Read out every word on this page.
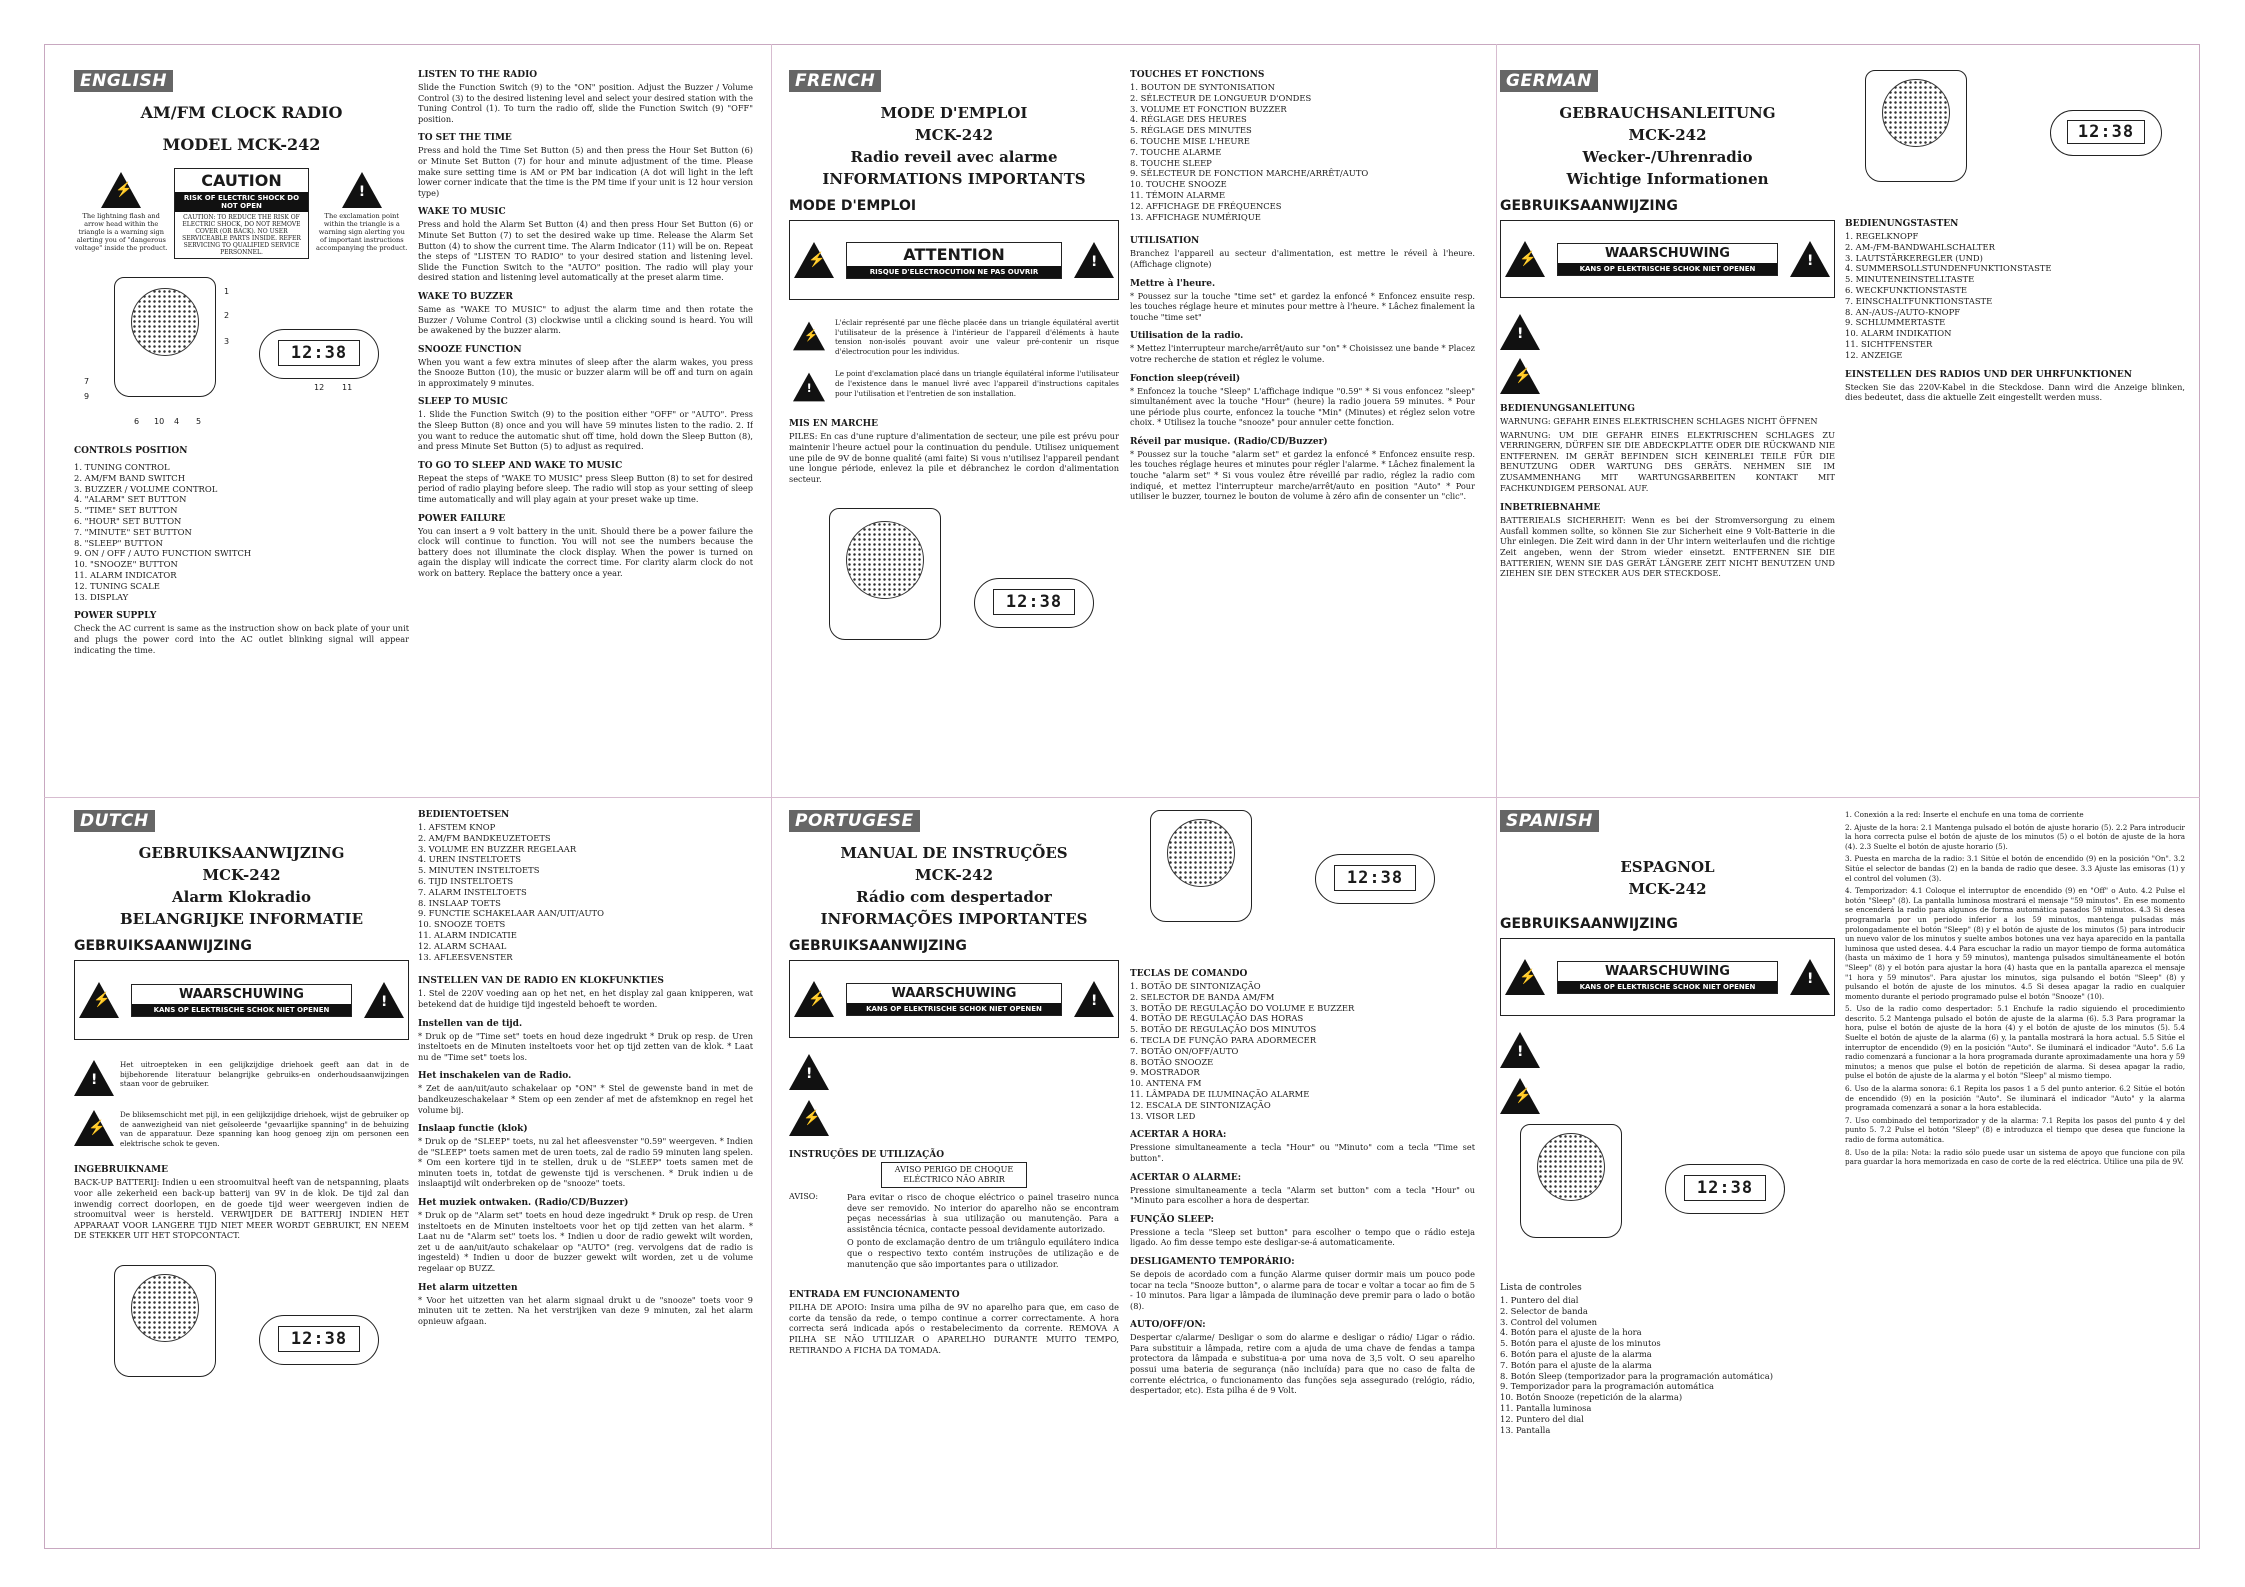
ENGLISH
AM/FM CLOCK RADIO
MODEL MCK-242
⚡
The lightning flash and arrow head within the triangle is a warning sign alerting you of "dangerous voltage" inside the product.
CAUTION
RISK OF ELECTRIC SHOCK DO NOT OPEN
CAUTION: TO REDUCE THE RISK OF ELECTRIC SHOCK, DO NOT REMOVE COVER (OR BACK). NO USER SERVICEABLE PARTS INSIDE. REFER SERVICING TO QUALIFIED SERVICE PERSONNEL.
!
The exclamation point within the triangle is a warning sign alerting you of important instructions accompanying the product.
12:38
1
2
3
9
7
6 10 4 5
12 11
CONTROLS POSITION
1. TUNING CONTROL
2. AM/FM BAND SWITCH
3. BUZZER / VOLUME CONTROL
4. "ALARM" SET BUTTON
5. "TIME" SET BUTTON
6. "HOUR" SET BUTTON
7. "MINUTE" SET BUTTON
8. "SLEEP" BUTTON
9. ON / OFF / AUTO FUNCTION SWITCH
10. "SNOOZE" BUTTON
11. ALARM INDICATOR
12. TUNING SCALE
13. DISPLAY
POWER SUPPLY

Check the AC current is same as the instruction show on back plate of your unit and plugs the power cord into the AC outlet blinking signal will appear indicating the time.

LISTEN TO THE RADIO

Slide the Function Switch (9) to the "ON" position. Adjust the Buzzer / Volume Control (3) to the desired listening level and select your desired station with the Tuning Control (1). To turn the radio off, slide the Function Switch (9) "OFF" position.

TO SET THE TIME

Press and hold the Time Set Button (5) and then press the Hour Set Button (6) or Minute Set Button (7) for hour and minute adjustment of the time. Please make sure setting time is AM or PM bar indication (A dot will light in the left lower corner indicate that the time is the PM time if your unit is 12 hour version type)

WAKE TO MUSIC

Press and hold the Alarm Set Button (4) and then press Hour Set Button (6) or Minute Set Button (7) to set the desired wake up time. Release the Alarm Set Button (4) to show the current time. The Alarm Indicator (11) will be on. Repeat the steps of "LISTEN TO RADIO" to your desired station and listening level. Slide the Function Switch to the "AUTO" position. The radio will play your desired station and listening level automatically at the preset alarm time.

WAKE TO BUZZER

Same as "WAKE TO MUSIC" to adjust the alarm time and then rotate the Buzzer / Volume Control (3) clockwise until a clicking sound is heard. You will be awakened by the buzzer alarm.

SNOOZE FUNCTION

When you want a few extra minutes of sleep after the alarm wakes, you press the Snooze Button (10), the music or buzzer alarm will be off and turn on again in approximately 9 minutes.

SLEEP TO MUSIC

1. Slide the Function Switch (9) to the position either "OFF" or "AUTO". Press the Sleep Button (8) once and you will have 59 minutes listen to the radio. 2. If you want to reduce the automatic shut off time, hold down the Sleep Button (8), and press Minute Set Button (5) to adjust as required.

TO GO TO SLEEP AND WAKE TO MUSIC

Repeat the steps of "WAKE TO MUSIC" press Sleep Button (8) to set for desired period of radio playing before sleep. The radio will stop as your setting of sleep time automatically and will play again at your preset wake up time.

POWER FAILURE

You can insert a 9 volt battery in the unit. Should there be a power failure the clock will continue to function. You will not see the numbers because the battery does not illuminate the clock display. When the power is turned on again the display will indicate the correct time. For clarity alarm clock do not work on battery. Replace the battery once a year.

FRENCH
MODE D'EMPLOI
MCK-242
Radio reveil avec alarme
INFORMATIONS IMPORTANTS
MODE D'EMPLOI
⚡
ATTENTION
RISQUE D'ELECTROCUTION NE PAS OUVRIR
!
⚡

L'éclair représenté par une flèche placée dans un triangle équilatéral avertit l'utilisateur de la présence à l'intérieur de l'appareil d'éléments à haute tension non-isolés pouvant avoir une valeur pré-contenir un risque d'électrocution pour les individus.

!

Le point d'exclamation placé dans un triangle équilatéral informe l'utilisateur de l'existence dans le manuel livré avec l'appareil d'instructions capitales pour l'utilisation et l'entretien de son installation.

MIS EN MARCHE

PILES: En cas d'une rupture d'alimentation de secteur, une pile est prévu pour maintenir l'heure actuel pour la continuation du pendule. Utilisez uniquement une pile de 9V de bonne qualité (ami faite) Si vous n'utilisez l'appareil pendant une longue période, enlevez la pile et débranchez le cordon d'alimentation secteur.

12:38
TOUCHES ET FONCTIONS
1. BOUTON DE SYNTONISATION
2. SÉLECTEUR DE LONGUEUR D'ONDES
3. VOLUME ET FONCTION BUZZER
4. RÉGLAGE DES HEURES
5. RÉGLAGE DES MINUTES
6. TOUCHE MISE L'HEURE
7. TOUCHE ALARME
8. TOUCHE SLEEP
9. SÉLECTEUR DE FONCTION MARCHE/ARRÊT/AUTO
10. TOUCHE SNOOZE
11. TÉMOIN ALARME
12. AFFICHAGE DE FRÉQUENCES
13. AFFICHAGE NUMÉRIQUE
UTILISATION

Branchez l'appareil au secteur d'alimentation, est mettre le réveil à l'heure. (Affichage clignote)

Mettre à l'heure.

* Poussez sur la touche "time set" et gardez la enfoncé * Enfoncez ensuite resp. les touches réglage heure et minutes pour mettre à l'heure. * Lâchez finalement la touche "time set"

Utilisation de la radio.

* Mettez l'interrupteur marche/arrêt/auto sur "on" * Choisissez une bande * Placez votre recherche de station et réglez le volume.

Fonction sleep(réveil)

* Enfoncez la touche "Sleep" L'affichage indique "0.59" * Si vous enfoncez "sleep" simultanément avec la touche "Hour" (heure) la radio jouera 59 minutes. * Pour une période plus courte, enfoncez la touche "Min" (Minutes) et réglez selon votre choix. * Utilisez la touche "snooze" pour annuler cette fonction.

Réveil par musique. (Radio/CD/Buzzer)

* Poussez sur la touche "alarm set" et gardez la enfoncé * Enfoncez ensuite resp. les touches réglage heures et minutes pour régler l'alarme. * Lâchez finalement la touche "alarm set" * Si vous voulez être réveillé par radio, réglez la radio com indiqué, et mettez l'interrupteur marche/arrêt/auto en position "Auto" * Pour utiliser le buzzer, tournez le bouton de volume à zéro afin de consenter un "clic".

GERMAN
GEBRAUCHSANLEITUNG
MCK-242
Wecker-/Uhrenradio
Wichtige Informationen
GEBRUIKSAANWIJZING
⚡
WAARSCHUWING
KANS OP ELEKTRISCHE SCHOK NIET OPENEN
!
!
⚡
BEDIENUNGSANLEITUNG

WARNUNG: GEFAHR EINES ELEKTRISCHEN SCHLAGES NICHT ÖFFNEN

WARNUNG: UM DIE GEFAHR EINES ELEKTRISCHEN SCHLAGES ZU VERRINGERN, DÜRFEN SIE DIE ABDECKPLATTE ODER DIE RÜCKWAND NIE ENTFERNEN. IM GERÄT BEFINDEN SICH KEINERLEI TEILE FÜR DIE BENUTZUNG ODER WARTUNG DES GERÄTS. NEHMEN SIE IM ZUSAMMENHANG MIT WARTUNGSARBEITEN KONTAKT MIT FACHKUNDIGEM PERSONAL AUF.

INBETRIEBNAHME

BATTERIEALS SICHERHEIT: Wenn es bei der Stromversorgung zu einem Ausfall kommen sollte, so können Sie zur Sicherheit eine 9 Volt-Batterie in die Uhr einlegen. Die Zeit wird dann in der Uhr intern weiterlaufen und die richtige Zeit angeben, wenn der Strom wieder einsetzt. ENTFERNEN SIE DIE BATTERIEN, WENN SIE DAS GERÄT LÄNGERE ZEIT NICHT BENUTZEN UND ZIEHEN SIE DEN STECKER AUS DER STECKDOSE.

12:38
BEDIENUNGSTASTEN
1. REGELKNOPF
2. AM-/FM-BANDWAHLSCHALTER
3. LAUTSTÄRKEREGLER (UND)
4. SUMMERSOLLSTUNDENFUNKTIONSTASTE
5. MINUTENEINSTELLTASTE
6. WECKFUNKTIONSTASTE
7. EINSCHALTFUNKTIONSTASTE
8. AN-/AUS-/AUTO-KNOPF
9. SCHLUMMERTASTE
10. ALARM INDIKATION
11. SICHTFENSTER
12. ANZEIGE
EINSTELLEN DES RADIOS UND DER UHRFUNKTIONEN

Stecken Sie das 220V-Kabel in die Steckdose. Dann wird die Anzeige blinken, dies bedeutet, dass die aktuelle Zeit eingestellt werden muss.

DUTCH
GEBRUIKSAANWIJZING
MCK-242
Alarm Klokradio
BELANGRIJKE INFORMATIE
GEBRUIKSAANWIJZING
⚡
WAARSCHUWING
KANS OP ELEKTRISCHE SCHOK NIET OPENEN
!
!

Het uitroepteken in een gelijkzijdige driehoek geeft aan dat in de bijbehorende literatuur belangrijke gebruiks-en onderhoudsaanwijzingen staan voor de gebruiker.

⚡

De bliksemschicht met pijl, in een gelijkzijdige driehoek, wijst de gebruiker op de aanwezigheid van niet geïsoleerde "gevaarlijke spanning" in de behuizing van de apparatuur. Deze spanning kan hoog genoeg zijn om personen een elektrische schok te geven.

INGEBRUIKNAME

BACK-UP BATTERIJ: Indien u een stroomuitval heeft van de netspanning, plaats voor alle zekerheid een back-up batterij van 9V in de klok. De tijd zal dan inwendig correct doorlopen, en de goede tijd weer weergeven indien de stroomuitval weer is hersteld. VERWIJDER DE BATTERIJ INDIEN HET APPARAAT VOOR LANGERE TIJD NIET MEER WORDT GEBRUIKT, EN NEEM DE STEKKER UIT HET STOPCONTACT.

12:38
BEDIENTOETSEN
1. AFSTEM KNOP
2. AM/FM BANDKEUZETOETS
3. VOLUME EN BUZZER REGELAAR
4. UREN INSTELTOETS
5. MINUTEN INSTELTOETS
6. TIJD INSTELTOETS
7. ALARM INSTELTOETS
8. INSLAAP TOETS
9. FUNCTIE SCHAKELAAR AAN/UIT/AUTO
10. SNOOZE TOETS
11. ALARM INDICATIE
12. ALARM SCHAAL
13. AFLEESVENSTER
INSTELLEN VAN DE RADIO EN KLOKFUNKTIES

1. Stel de 220V voeding aan op het net, en het display zal gaan knipperen, wat betekend dat de huidige tijd ingesteld behoeft te worden.

Instellen van de tijd.

* Druk op de "Time set" toets en houd deze ingedrukt * Druk op resp. de Uren insteltoets en de Minuten insteltoets voor het op tijd zetten van de klok. * Laat nu de "Time set" toets los.

Het inschakelen van de Radio.

* Zet de aan/uit/auto schakelaar op "ON" * Stel de gewenste band in met de bandkeuzeschakelaar * Stem op een zender af met de afstemknop en regel het volume bij.

Inslaap functie (klok)

* Druk op de "SLEEP" toets, nu zal het afleesvenster "0.59" weergeven. * Indien de "SLEEP" toets samen met de uren toets, zal de radio 59 minuten lang spelen. * Om een kortere tijd in te stellen, druk u de "SLEEP" toets samen met de minuten toets in, totdat de gewenste tijd is verschenen. * Druk indien u de inslaaptijd wilt onderbreken op de "snooze" toets.

Het muziek ontwaken. (Radio/CD/Buzzer)

* Druk op de "Alarm set" toets en houd deze ingedrukt * Druk op resp. de Uren insteltoets en de Minuten insteltoets voor het op tijd zetten van het alarm. * Laat nu de "Alarm set" toets los. * Indien u door de radio gewekt wilt worden, zet u de aan/uit/auto schakelaar op "AUTO" (reg. vervolgens dat de radio is ingesteld) * Indien u door de buzzer gewekt wilt worden, zet u de volume regelaar op BUZZ.

Het alarm uitzetten

* Voor het uitzetten van het alarm signaal drukt u de "snooze" toets voor 9 minuten uit te zetten. Na het verstrijken van deze 9 minuten, zal het alarm opnieuw afgaan.

PORTUGESE
MANUAL DE INSTRUÇÕES
MCK-242
Rádio com despertador
INFORMAÇÕES IMPORTANTES
GEBRUIKSAANWIJZING
⚡
WAARSCHUWING
KANS OP ELEKTRISCHE SCHOK NIET OPENEN
!
!
⚡
INSTRUÇÕES DE UTILIZAÇÃO
AVISO PERIGO DE CHOQUE ELÉCTRICO NÃO ABRIR
AVISO:	Para evitar o risco de choque eléctrico o painel traseiro nunca deve ser removido. No interior do aparelho não se encontram peças necessárias à sua utilização ou manutenção. Para a assistência técnica, contacte pessoal devidamente autorizado.

O ponto de exclamação dentro de um triângulo equilátero indica que o respectivo texto contém instruções de utilização e de manutenção que são importantes para o utilizador.

ENTRADA EM FUNCIONAMENTO

PILHA DE APOIO: Insira uma pilha de 9V no aparelho para que, em caso de corte da tensão da rede, o tempo continue a correr correctamente. A hora correcta será indicada após o restabelecimento da corrente. REMOVA A PILHA SE NÃO UTILIZAR O APARELHO DURANTE MUITO TEMPO, RETIRANDO A FICHA DA TOMADA.

12:38
TECLAS DE COMANDO
1. BOTÃO DE SINTONIZAÇÃO
2. SELECTOR DE BANDA AM/FM
3. BOTÃO DE REGULAÇÃO DO VOLUME E BUZZER
4. BOTÃO DE REGULAÇÃO DAS HORAS
5. BOTÃO DE REGULAÇÃO DOS MINUTOS
6. TECLA DE FUNÇÃO PARA ADORMECER
7. BOTÃO ON/OFF/AUTO
8. BOTÃO SNOOZE
9. MOSTRADOR
10. ANTENA FM
11. LÂMPADA DE ILUMINAÇÃO ALARME
12. ESCALA DE SINTONIZAÇÃO
13. VISOR LED
ACERTAR A HORA:

Pressione simultaneamente a tecla "Hour" ou "Minuto" com a tecla "Time set button".

ACERTAR O ALARME:

Pressione simultaneamente a tecla "Alarm set button" com a tecla "Hour" ou "Minuto para escolher a hora de despertar.

FUNÇÃO SLEEP:

Pressione a tecla "Sleep set button" para escolher o tempo que o rádio esteja ligado. Ao fim desse tempo este desligar-se-á automaticamente.

DESLIGAMENTO TEMPORÁRIO:

Se depois de acordado com a função Alarme quiser dormir mais um pouco pode tocar na tecla "Snooze button", o alarme para de tocar e voltar a tocar ao fim de 5 - 10 minutos. Para ligar a lâmpada de iluminação deve premir para o lado o botão (8).

AUTO/OFF/ON:

Despertar c/alarme/ Desligar o som do alarme e desligar o rádio/ Ligar o rádio. Para substituir a lâmpada, retire com a ajuda de uma chave de fendas a tampa protectora da lâmpada e substitua-a por uma nova de 3,5 volt. O seu aparelho possui uma bateria de segurança (não incluída) para que no caso de falta de corrente eléctrica, o funcionamento das funções seja assegurado (relógio, rádio, despertador, etc). Esta pilha é de 9 Volt.

SPANISH
ESPAGNOL
MCK-242
GEBRUIKSAANWIJZING
⚡
WAARSCHUWING
KANS OP ELEKTRISCHE SCHOK NIET OPENEN
!
!
⚡
12:38
Lista de controles
1. Puntero del dial
2. Selector de banda
3. Control del volumen
4. Botón para el ajuste de la hora
5. Botón para el ajuste de los minutos
6. Botón para el ajuste de la alarma
7. Botón para el ajuste de la alarma
8. Botón Sleep (temporizador para la programación automática)
9. Temporizador para la programación automática
10. Botón Snooze (repetición de la alarma)
11. Pantalla luminosa
12. Puntero del dial
13. Pantalla

1. Conexión a la red: Inserte el enchufe en una toma de corriente

2. Ajuste de la hora: 2.1 Mantenga pulsado el botón de ajuste horario (5). 2.2 Para introducir la hora correcta pulse el botón de ajuste de los minutos (5) o el botón de ajuste de la hora (4). 2.3 Suelte el botón de ajuste horario (5).

3. Puesta en marcha de la radio: 3.1 Sitúe el botón de encendido (9) en la posición "On". 3.2 Sitúe el selector de bandas (2) en la banda de radio que desee. 3.3 Ajuste las emisoras (1) y el control del volumen (3).

4. Temporizador: 4.1 Coloque el interruptor de encendido (9) en "Off" o Auto. 4.2 Pulse el botón "Sleep" (8). La pantalla luminosa mostrará el mensaje "59 minutos". En ese momento se encenderá la radio para algunos de forma automática pasados 59 minutos. 4.3 Si desea programarla por un periodo inferior a los 59 minutos, mantenga pulsadas más prolongadamente el botón "Sleep" (8) y el botón de ajuste de los minutos (5) para introducir un nuevo valor de los minutos y suelte ambos botones una vez haya aparecido en la pantalla luminosa que usted desea. 4.4 Para escuchar la radio un mayor tiempo de forma automática (hasta un máximo de 1 hora y 59 minutos), mantenga pulsados simultáneamente el botón "Sleep" (8) y el botón para ajustar la hora (4) hasta que en la pantalla aparezca el mensaje "1 hora y 59 minutos". Para ajustar los minutos, siga pulsando el botón "Sleep" (8) y pulsando el botón de ajuste de los minutos. 4.5 Si desea apagar la radio en cualquier momento durante el periodo programado pulse el botón "Snooze" (10).

5. Uso de la radio como despertador: 5.1 Enchufe la radio siguiendo el procedimiento descrito. 5.2 Mantenga pulsado el botón de ajuste de la alarma (6). 5.3 Para programar la hora, pulse el botón de ajuste de la hora (4) y el botón de ajuste de los minutos (5). 5.4 Suelte el botón de ajuste de la alarma (6) y, la pantalla mostrará la hora actual. 5.5 Sitúe el interruptor de encendido (9) en la posición "Auto". Se iluminará el indicador "Auto". 5.6 La radio comenzará a funcionar a la hora programada durante aproximadamente una hora y 59 minutos; a menos que pulse el botón de repetición de alarma. Si desea apagar la radio, pulse el botón de ajuste de la alarma y el botón "Sleep" al mismo tiempo.

6. Uso de la alarma sonora: 6.1 Repita los pasos 1 a 5 del punto anterior. 6.2 Sitúe el botón de encendido (9) en la posición "Auto". Se iluminará el indicador "Auto" y la alarma programada comenzará a sonar a la hora establecida.

7. Uso combinado del temporizador y de la alarma: 7.1 Repita los pasos del punto 4 y del punto 5. 7.2 Pulse el botón "Sleep" (8) e introduzca el tiempo que desea que funcione la radio de forma automática.

8. Uso de la pila: Nota: la radio sólo puede usar un sistema de apoyo que funcione con pila para guardar la hora memorizada en caso de corte de la red eléctrica. Utilice una pila de 9V.
